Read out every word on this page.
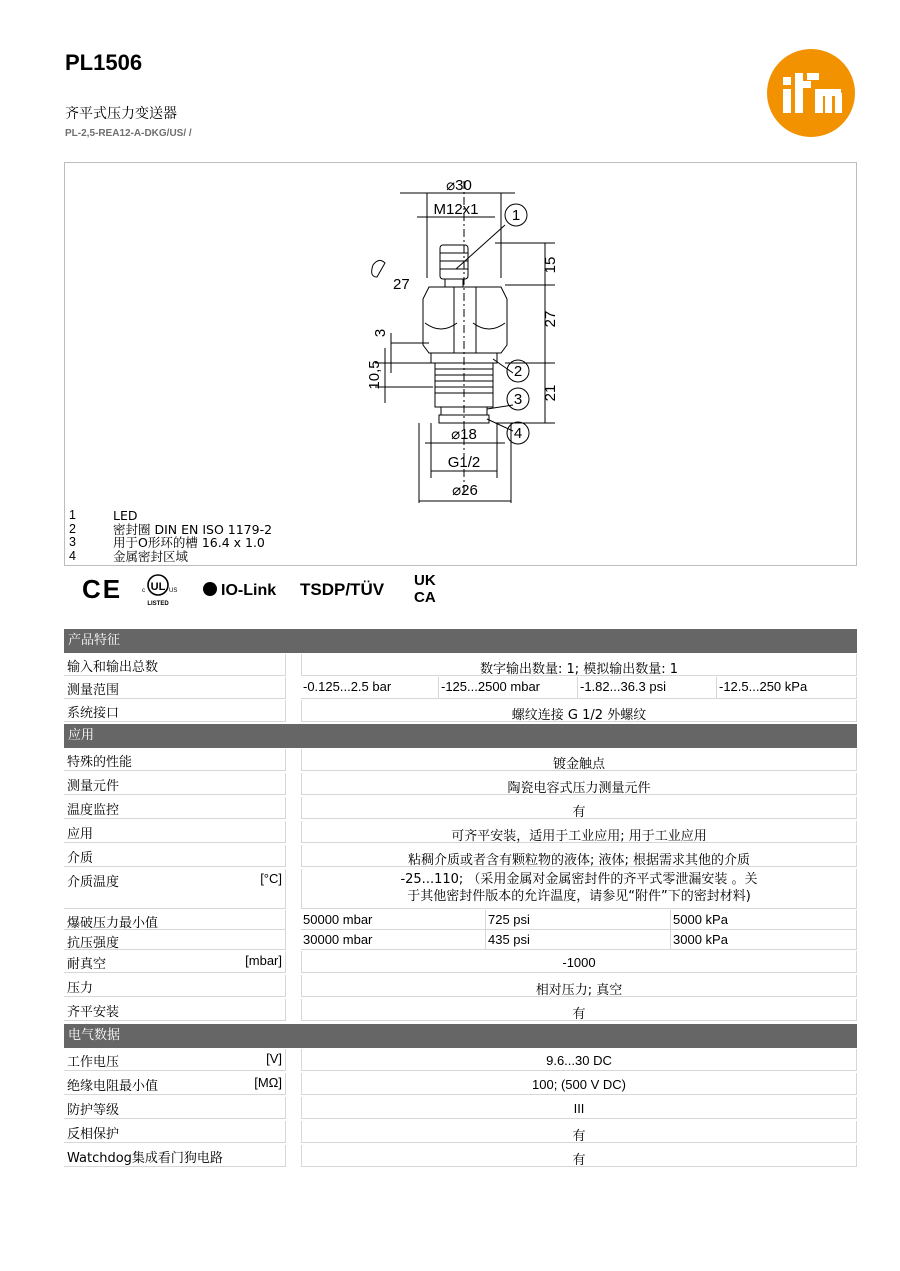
PL1506
齐平式压力变送器
PL-2,5-REA12-A-DKG/US/ /
⌀30
M12x1
15
27
27
3
10,5
21
⌀18
G1/2
⌀26
1
2
3
4
1	LED
2	密封圈 DIN EN ISO 1179-2
3	用于O形环的槽 16.4 x 1.0
4	金属密封区域
CE	UL
c	US
LISTED
IO-Link TSDP/TÜV UK
CA
产品特征
输入和输出总数	数字输出数量: 1; 模拟输出数量: 1
测量范围	-0.125...2.5 bar	-125...2500 mbar	-1.82...36.3 psi	-12.5...250 kPa
系统接口	螺纹连接 G 1/2 外螺纹
应用
特殊的性能	镀金触点
测量元件	陶瓷电容式压力测量元件
温度监控	有
应用	可齐平安装，适用于工业应用; 用于工业应用
介质	粘稠介质或者含有颗粒物的液体; 液体; 根据需求其他的介质
介质温度	[°C]	-25...110; （采用金属对金属密封件的齐平式零泄漏安装 。关
于其他密封件版本的允许温度，请参见“附件”下的密封材料)
爆破压力最小值	50000 mbar	725 psi	5000 kPa
抗压强度	30000 mbar	435 psi	3000 kPa
耐真空	[mbar]	-1000
压力	相对压力; 真空
齐平安装	有
电气数据
工作电压	[V]	9.6...30 DC
绝缘电阻最小值	[MΩ]	100; (500 V DC)
防护等级	III
反相保护	有
Watchdog集成看门狗电路	有
